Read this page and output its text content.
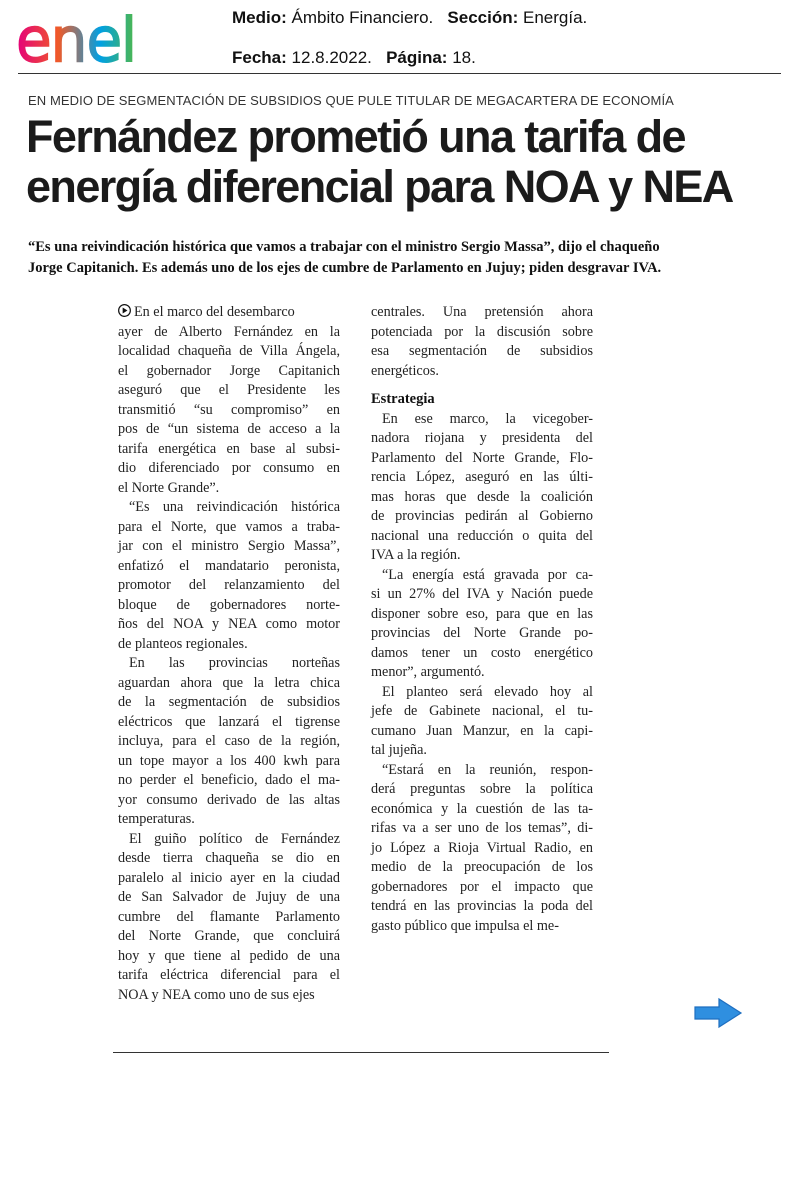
enel	Medio: Ámbito Financiero. Sección: Energía.
Fecha: 12.8.2022. Página: 18.
EN MEDIO DE SEGMENTACIÓN DE SUBSIDIOS QUE PULE TITULAR DE MEGACARTERA DE ECONOMÍA
Fernández prometió una tarifa de
energía diferencial para NOA y NEA
“Es una reivindicación histórica que vamos a trabajar con el ministro Sergio Massa”, dijo el chaqueño
Jorge Capitanich. Es además uno de los ejes de cumbre de Parlamento en Jujuy; piden desgravar IVA.
En el marco del desembarco
ayer de Alberto Fernández en la
localidad chaqueña de Villa Ángela,
el gobernador Jorge Capitanich
aseguró que el Presidente les
transmitió “su compromiso” en
pos de “un sistema de acceso a la
tarifa energética en base al subsi-
dio diferenciado por consumo en
el Norte Grande”.
“Es una reivindicación histórica
para el Norte, que vamos a traba-
jar con el ministro Sergio Massa”,
enfatizó el mandatario peronista,
promotor del relanzamiento del
bloque de gobernadores norte-
ños del NOA y NEA como motor
de planteos regionales.
En las provincias norteñas
aguardan ahora que la letra chica
de la segmentación de subsidios
eléctricos que lanzará el tigrense
incluya, para el caso de la región,
un tope mayor a los 400 kwh para
no perder el beneficio, dado el ma-
yor consumo derivado de las altas
temperaturas.
El guiño político de Fernández
desde tierra chaqueña se dio en
paralelo al inicio ayer en la ciudad
de San Salvador de Jujuy de una
cumbre del flamante Parlamento
del Norte Grande, que concluirá
hoy y que tiene al pedido de una
tarifa eléctrica diferencial para el
NOA y NEA como uno de sus ejes
centrales. Una pretensión ahora
potenciada por la discusión sobre
esa segmentación de subsidios
energéticos.
Estrategia
En ese marco, la vicegober-
nadora riojana y presidenta del
Parlamento del Norte Grande, Flo-
rencia López, aseguró en las últi-
mas horas que desde la coalición
de provincias pedirán al Gobierno
nacional una reducción o quita del
IVA a la región.
“La energía está gravada por ca-
si un 27% del IVA y Nación puede
disponer sobre eso, para que en las
provincias del Norte Grande po-
damos tener un costo energético
menor”, argumentó.
El planteo será elevado hoy al
jefe de Gabinete nacional, el tu-
cumano Juan Manzur, en la capi-
tal jujeña.
“Estará en la reunión, respon-
derá preguntas sobre la política
económica y la cuestión de las ta-
rifas va a ser uno de los temas”, di-
jo López a Rioja Virtual Radio, en
medio de la preocupación de los
gobernadores por el impacto que
tendrá en las provincias la poda del
gasto público que impulsa el me-
